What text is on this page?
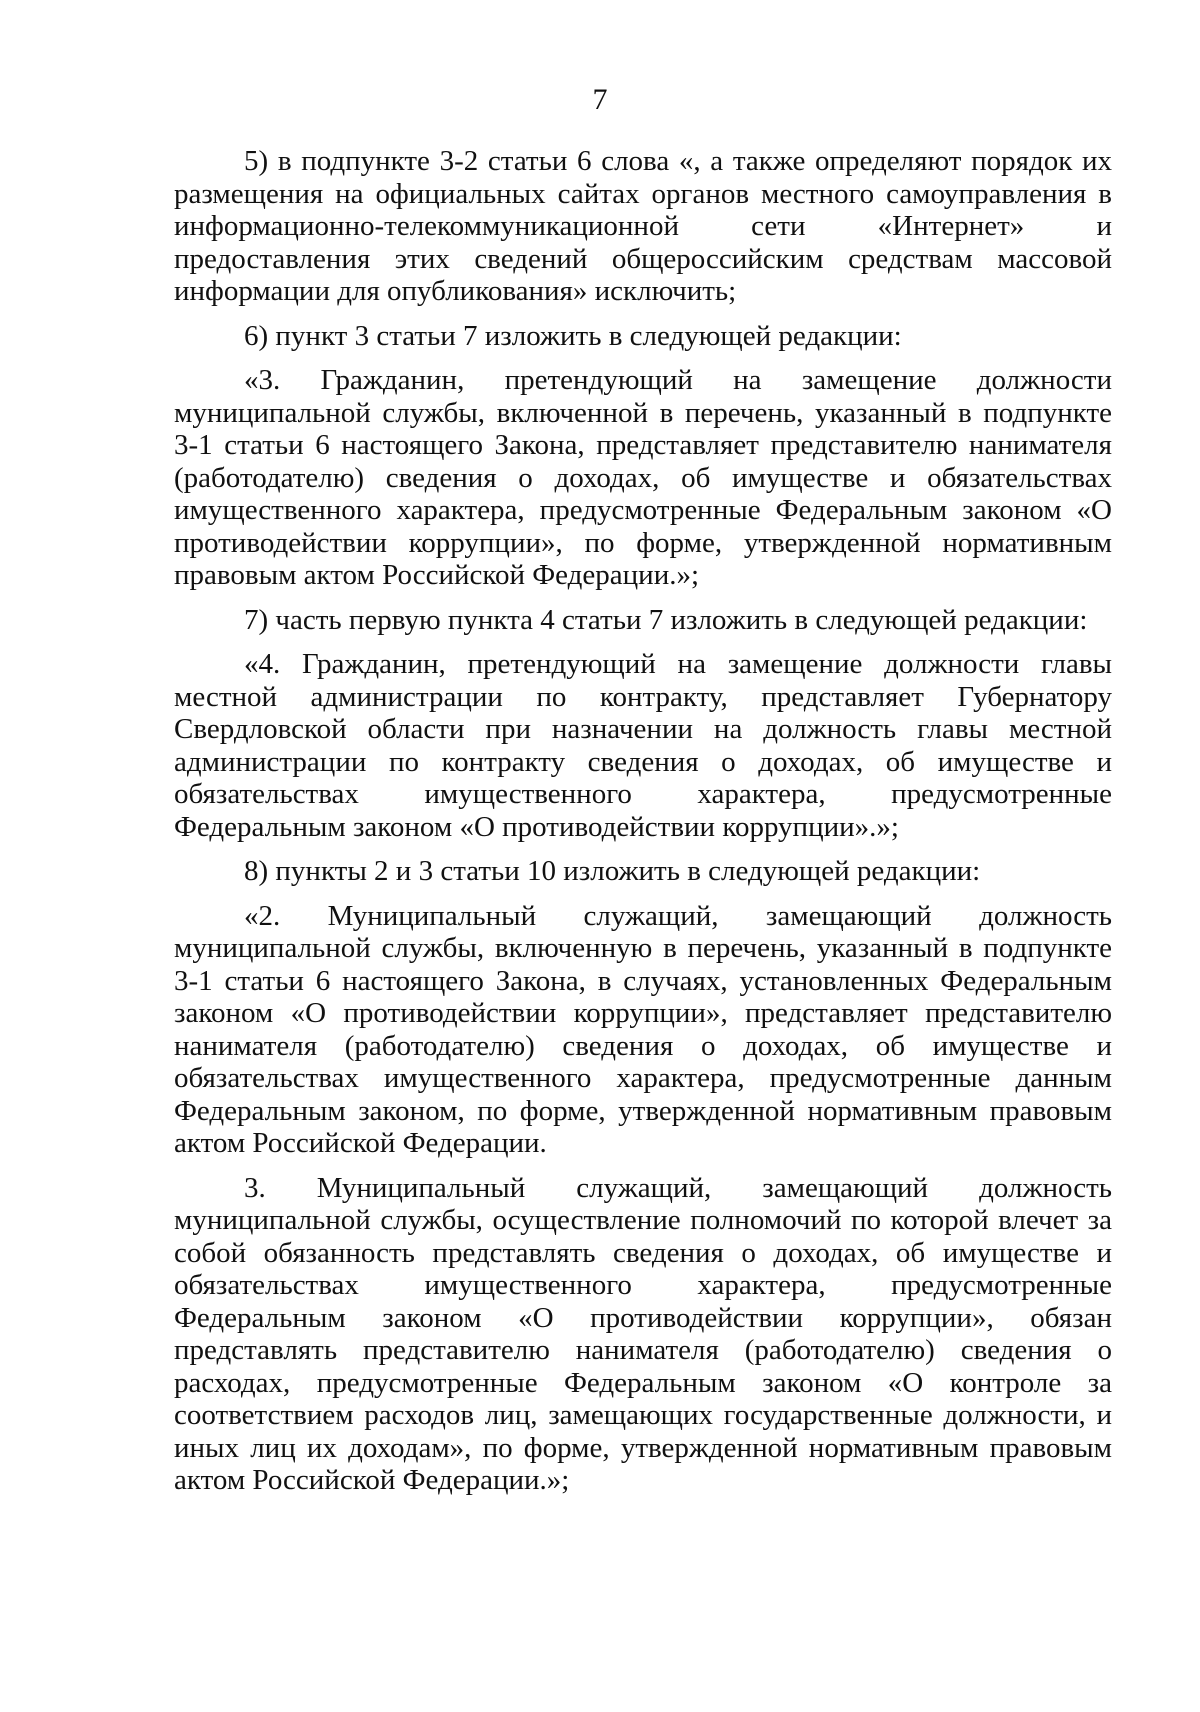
7

5) в подпункте 3-2 статьи 6 слова «, а также определяют порядок их размещения на официальных сайтах органов местного самоуправления в информационно-телекоммуникационной сети «Интернет» и предоставления этих сведений общероссийским средствам массовой информации для опубликования» исключить;

6) пункт 3 статьи 7 изложить в следующей редакции:

«3. Гражданин, претендующий на замещение должности муниципальной службы, включенной в перечень, указанный в подпункте 3-1 статьи 6 настоящего Закона, представляет представителю нанимателя (работодателю) сведения о доходах, об имуществе и обязательствах имущественного характера, предусмотренные Федеральным законом «О противодействии коррупции», по форме, утвержденной нормативным правовым актом Российской Федерации.»;

7) часть первую пункта 4 статьи 7 изложить в следующей редакции:

«4. Гражданин, претендующий на замещение должности главы местной администрации по контракту, представляет Губернатору Свердловской области при назначении на должность главы местной администрации по контракту сведения о доходах, об имуществе и обязательствах имущественного характера, предусмотренные Федеральным законом «О противодействии коррупции».»;

8) пункты 2 и 3 статьи 10 изложить в следующей редакции:

«2. Муниципальный служащий, замещающий должность муниципальной службы, включенную в перечень, указанный в подпункте 3-1 статьи 6 настоящего Закона, в случаях, установленных Федеральным законом «О противодействии коррупции», представляет представителю нанимателя (работодателю) сведения о доходах, об имуществе и обязательствах имущественного характера, предусмотренные данным Федеральным законом, по форме, утвержденной нормативным правовым актом Российской Федерации.

3. Муниципальный служащий, замещающий должность муниципальной службы, осуществление полномочий по которой влечет за собой обязанность представлять сведения о доходах, об имуществе и обязательствах имущественного характера, предусмотренные Федеральным законом «О противодействии коррупции», обязан представлять представителю нанимателя (работодателю) сведения о расходах, предусмотренные Федеральным законом «О контроле за соответствием расходов лиц, замещающих государственные должности, и иных лиц их доходам», по форме, утвержденной нормативным правовым актом Российской Федерации.»;
